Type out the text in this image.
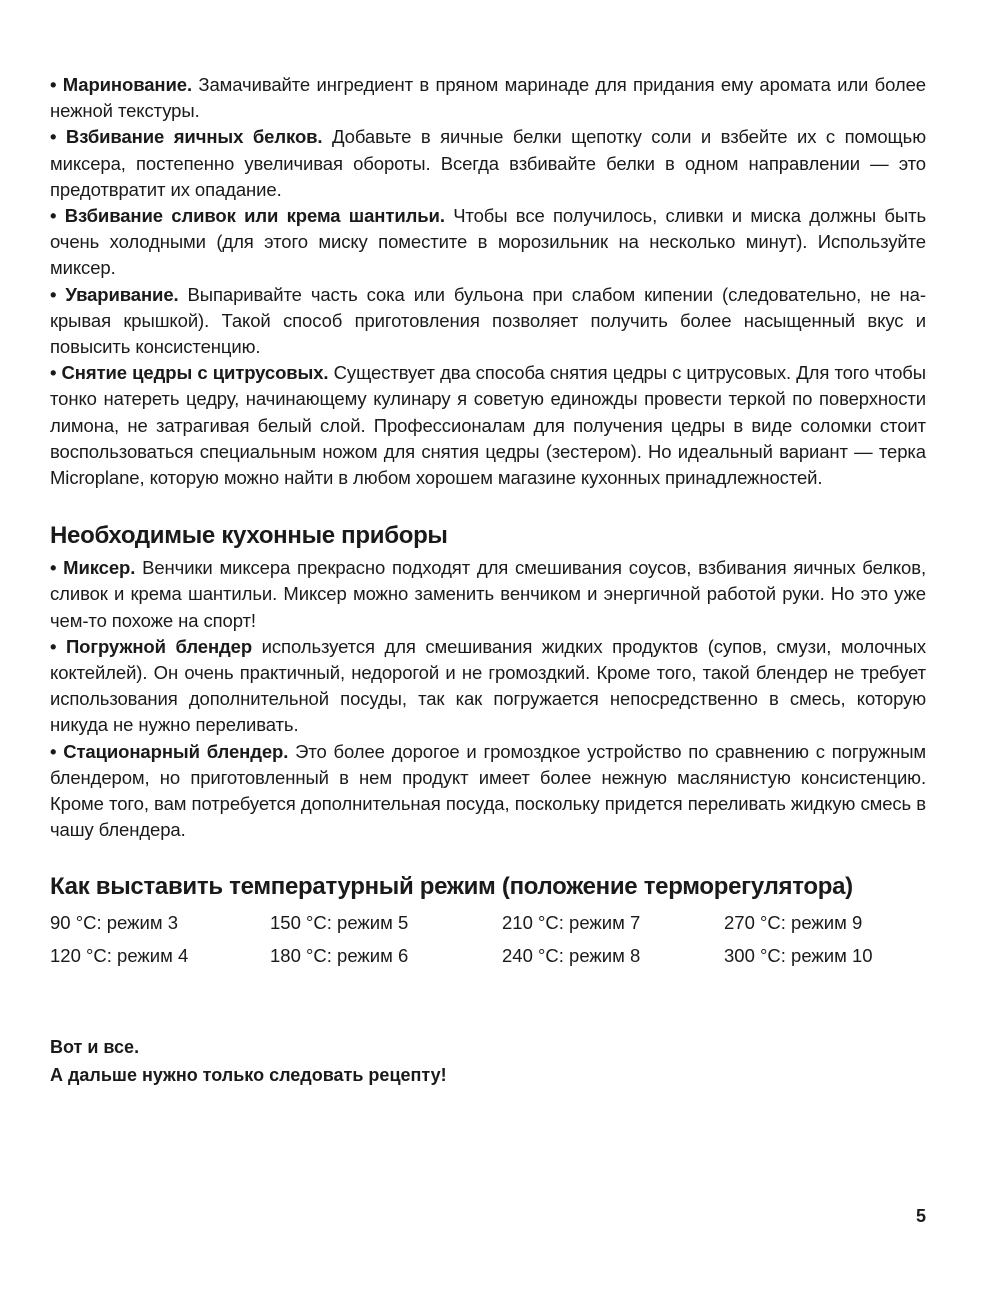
• Маринование. Замачивайте ингредиент в пряном маринаде для придания ему аромата или более нежной текстуры.

• Взбивание яичных белков. Добавьте в яичные белки щепотку соли и взбейте их с помощью миксера, постепенно увеличивая обороты. Всегда взбивайте белки в одном направлении — это предотвратит их опадание.

• Взбивание сливок или крема шантильи. Чтобы все получилось, сливки и миска должны быть очень холодными (для этого миску поместите в морозильник на несколько минут). Используйте миксер.

• Уваривание. Выпаривайте часть сока или бульона при слабом кипении (следовательно, не накрывая крышкой). Такой способ приготовления позволяет получить более насыщенный вкус и повысить консистенцию.

• Снятие цедры с цитрусовых. Существует два способа снятия цедры с цитрусовых. Для того чтобы тонко натереть цедру, начинающему кулинару я советую единожды провести теркой по поверхности лимона, не затрагивая белый слой. Профессионалам для получения цедры в виде соломки стоит воспользоваться специальным ножом для снятия цедры (зестером). Но идеальный вариант — терка Microplane, которую можно найти в любом хорошем магазине кухонных принадлежностей.

Необходимые кухонные приборы

• Миксер. Венчики миксера прекрасно подходят для смешивания соусов, взбивания яичных белков, сливок и крема шантильи. Миксер можно заменить венчиком и энергичной работой руки. Но это уже чем-то похоже на спорт!

• Погружной блендер используется для смешивания жидких продуктов (супов, смузи, молочных коктейлей). Он очень практичный, недорогой и не громоздкий. Кроме того, такой блендер не требует использования дополнительной посуды, так как погружается непосредственно в смесь, которую никуда не нужно переливать.

• Стационарный блендер. Это более дорогое и громоздкое устройство по сравнению с погружным блендером, но приготовленный в нем продукт имеет более нежную маслянистую консистенцию. Кроме того, вам потребуется дополнительная посуда, поскольку придется переливать жидкую смесь в чашу блендера.

Как выставить температурный режим (положение терморегулятора)
90 °C: режим 3	150 °C: режим 5	210 °C: режим 7	270 °C: режим 9
120 °C: режим 4	180 °C: режим 6	240 °C: режим 8	300 °C: режим 10
Вот и все.
А дальше нужно только следовать рецепту!
5
